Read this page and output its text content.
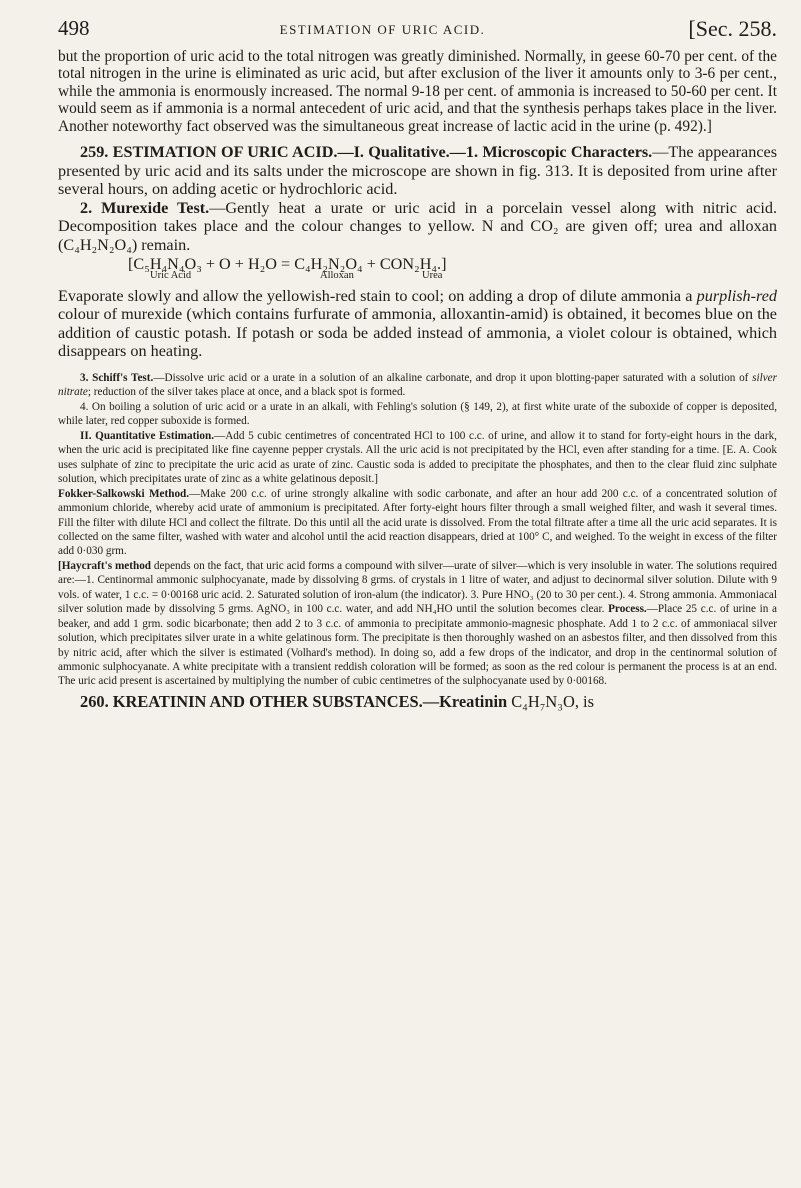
498	ESTIMATION OF URIC ACID.	[Sec. 258.

but the proportion of uric acid to the total nitrogen was greatly diminished. Normally, in geese 60-70 per cent. of the total nitrogen in the urine is eliminated as uric acid, but after exclusion of the liver it amounts only to 3-6 per cent., while the ammonia is enormously increased. The normal 9-18 per cent. of ammonia is increased to 50-60 per cent. It would seem as if ammonia is a normal antecedent of uric acid, and that the synthesis perhaps takes place in the liver. Another noteworthy fact observed was the simultaneous great increase of lactic acid in the urine (p. 492).]

259. ESTIMATION OF URIC ACID.—I. Qualitative.—1. Microscopic Characters.—The appearances presented by uric acid and its salts under the microscope are shown in fig. 313. It is deposited from urine after several hours, on adding acetic or hydrochloric acid.

2. Murexide Test.—Gently heat a urate or uric acid in a porcelain vessel along with nitric acid. Decomposition takes place and the colour changes to yellow. N and CO₂ are given off; urea and alloxan (C₄H₂N₂O₄) remain.

[C₅H₄N₄O₃ + O + H₂O = C₄H₂N₂O₄ + CON₂H₄.]
Uric Acid	Alloxan	Urea

Evaporate slowly and allow the yellowish-red stain to cool; on adding a drop of dilute ammonia a purplish-red colour of murexide (which contains furfurate of ammonia, alloxantin-amid) is obtained, it becomes blue on the addition of caustic potash. If potash or soda be added instead of ammonia, a violet colour is obtained, which disappears on heating.

3. Schiff's Test.—Dissolve uric acid or a urate in a solution of an alkaline carbonate, and drop it upon blotting-paper saturated with a solution of silver nitrate; reduction of the silver takes place at once, and a black spot is formed.

4. On boiling a solution of uric acid or a urate in an alkali, with Fehling's solution (§ 149, 2), at first white urate of the suboxide of copper is deposited, while later, red copper suboxide is formed.

II. Quantitative Estimation.—Add 5 cubic centimetres of concentrated HCl to 100 c.c. of urine, and allow it to stand for forty-eight hours in the dark, when the uric acid is precipitated like fine cayenne pepper crystals. All the uric acid is not precipitated by the HCl, even after standing for a time. [E. A. Cook uses sulphate of zinc to precipitate the uric acid as urate of zinc. Caustic soda is added to precipitate the phosphates, and then to the clear fluid zinc sulphate solution, which precipitates urate of zinc as a white gelatinous deposit.]

Fokker-Salkowski Method.—Make 200 c.c. of urine strongly alkaline with sodic carbonate, and after an hour add 200 c.c. of a concentrated solution of ammonium chloride, whereby acid urate of ammonium is precipitated. After forty-eight hours filter through a small weighed filter, and wash it several times. Fill the filter with dilute HCl and collect the filtrate. Do this until all the acid urate is dissolved. From the total filtrate after a time all the uric acid separates. It is collected on the same filter, washed with water and alcohol until the acid reaction disappears, dried at 100° C, and weighed. To the weight in excess of the filter add 0·030 grm.

[Haycraft's method depends on the fact, that uric acid forms a compound with silver—urate of silver—which is very insoluble in water. The solutions required are:—1. Centinormal ammonic sulphocyanate, made by dissolving 8 grms. of crystals in 1 litre of water, and adjust to decinormal silver solution. Dilute with 9 vols. of water, 1 c.c. = 0·00168 uric acid. 2. Saturated solution of iron-alum (the indicator). 3. Pure HNO₃ (20 to 30 per cent.). 4. Strong ammonia. Ammoniacal silver solution made by dissolving 5 grms. AgNO₃ in 100 c.c. water, and add NH₄HO until the solution becomes clear. Process.—Place 25 c.c. of urine in a beaker, and add 1 grm. sodic bicarbonate; then add 2 to 3 c.c. of ammonia to precipitate ammonio-magnesic phosphate. Add 1 to 2 c.c. of ammoniacal silver solution, which precipitates silver urate in a white gelatinous form. The precipitate is then thoroughly washed on an asbestos filter, and then dissolved from this by nitric acid, after which the silver is estimated (Volhard's method). In doing so, add a few drops of the indicator, and drop in the centinormal solution of ammonic sulphocyanate. A white precipitate with a transient reddish coloration will be formed; as soon as the red colour is permanent the process is at an end. The uric acid present is ascertained by multiplying the number of cubic centimetres of the sulphocyanate used by 0·00168.

260. KREATININ AND OTHER SUBSTANCES.—Kreatinin C₄H₇N₃O, is
